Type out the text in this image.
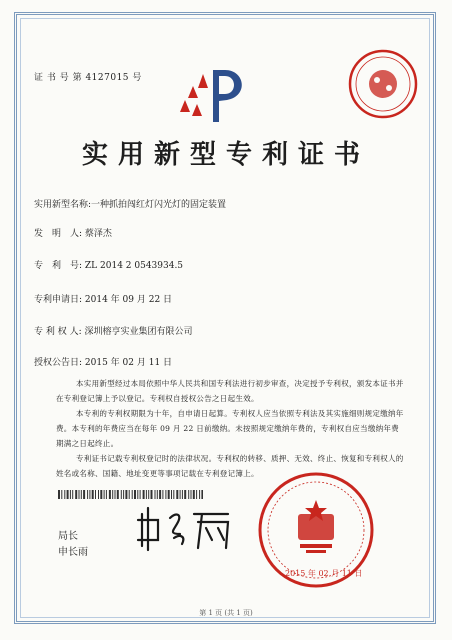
证 书 号 第 4127015 号
实用新型专利证书
实用新型名称:一种抓拍闯红灯闪光灯的固定装置
发　明　人: 蔡泽杰
专　利　号: ZL 2014 2 0543934.5
专利申请日: 2014 年 09 月 22 日
专 利 权 人: 深圳榕亨实业集团有限公司
授权公告日: 2015 年 02 月 11 日
本实用新型经过本局依照中华人民共和国专利法进行初步审查，决定授予专利权，颁发本证书并在专利登记簿上予以登记。专利权自授权公告之日起生效。
本专利的专利权期限为十年，自申请日起算。专利权人应当依照专利法及其实施细则规定缴纳年费。本专利的年费应当在每年 09 月 22 日前缴纳。未按照规定缴纳年费的，专利权自应当缴纳年费期满之日起终止。
专利证书记载专利权登记时的法律状况。专利权的转移、质押、无效、终止、恢复和专利权人的姓名或名称、国籍、地址变更等事项记载在专利登记簿上。
局长
申长雨
2015 年 02 月 11 日
第 1 页 (共 1 页)
